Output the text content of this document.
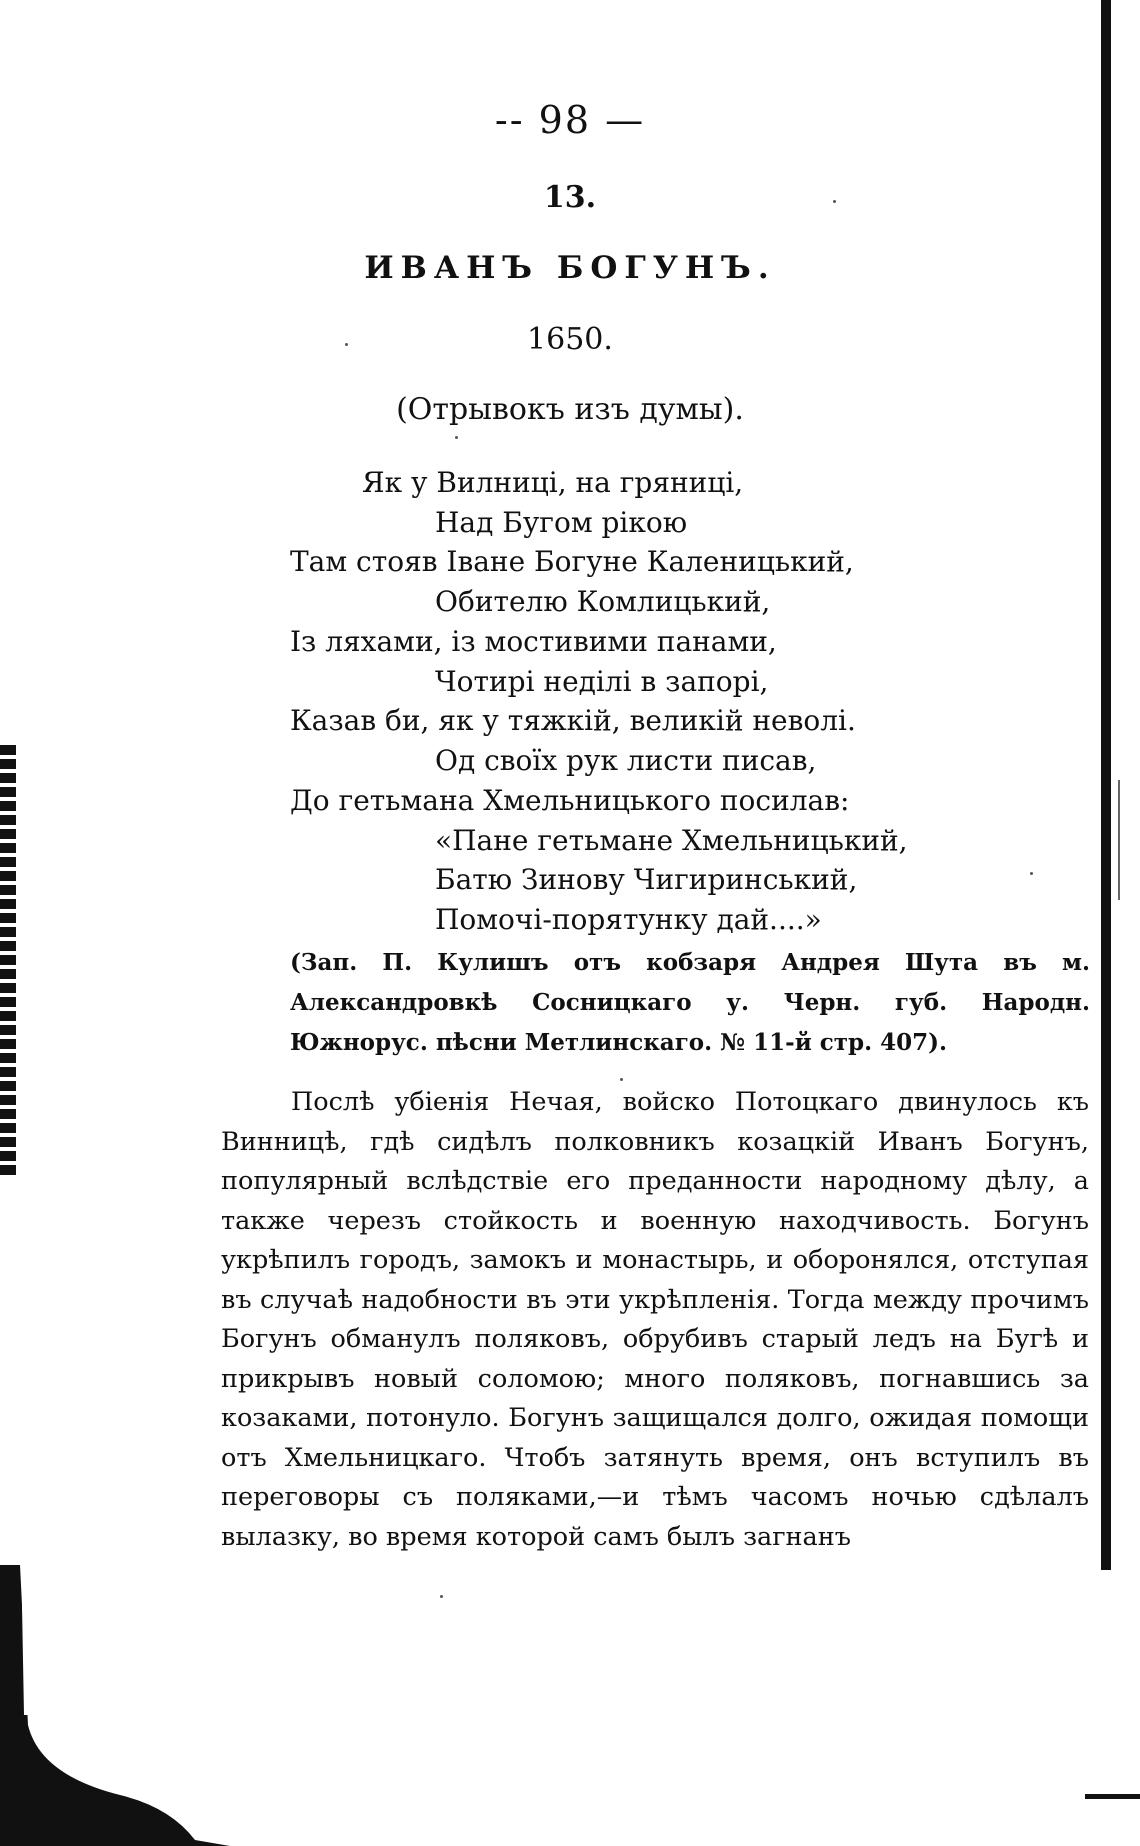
-- 98 —
13.
ИВАНЪ БОГУНЪ.
1650.
(Отрывокъ изъ думы).
Як у Вилниці, на гряниці,
Над Бугом рікою
Там стояв Іване Богуне Каленицький,
Обителю Комлицький,
Із ляхами, із мостивими панами,
Чотирі неділі в запорі,
Казав би, як у тяжкій, великій неволі.
Од своїх рук листи писав,
До гетьмана Хмельницького посилав:
«Пане гетьмане Хмельницький,
Батю Зинову Чигиринський,
Помочі-порятунку дай....»
(Зап. П. Кулишъ отъ кобзаря Андрея Шута въ м. Александровкѣ Сосницкаго у. Черн. губ. Народн. Южнорус. пѣсни Метлинскаго. № 11-й стр. 407).

Послѣ убіенія Нечая, войско Потоцкаго двинулось къ Винницѣ, гдѣ сидѣлъ полковникъ козацкій Иванъ Богунъ, популярный вслѣдствіе его преданности народному дѣлу, а также черезъ стойкость и военную находчивость. Богунъ укрѣпилъ городъ, замокъ и монастырь, и оборонялся, отступая въ случаѣ надобности въ эти укрѣпленія. Тогда между прочимъ Богунъ обманулъ поляковъ, обрубивъ старый ледъ на Бугѣ и прикрывъ новый соломою; много поляковъ, погнавшись за козаками, потонуло. Богунъ защищался долго, ожидая помощи отъ Хмельницкаго. Чтобъ затянуть время, онъ вступилъ въ переговоры съ поляками,—и тѣмъ часомъ ночью сдѣлалъ вылазку, во время которой самъ былъ загнанъ
